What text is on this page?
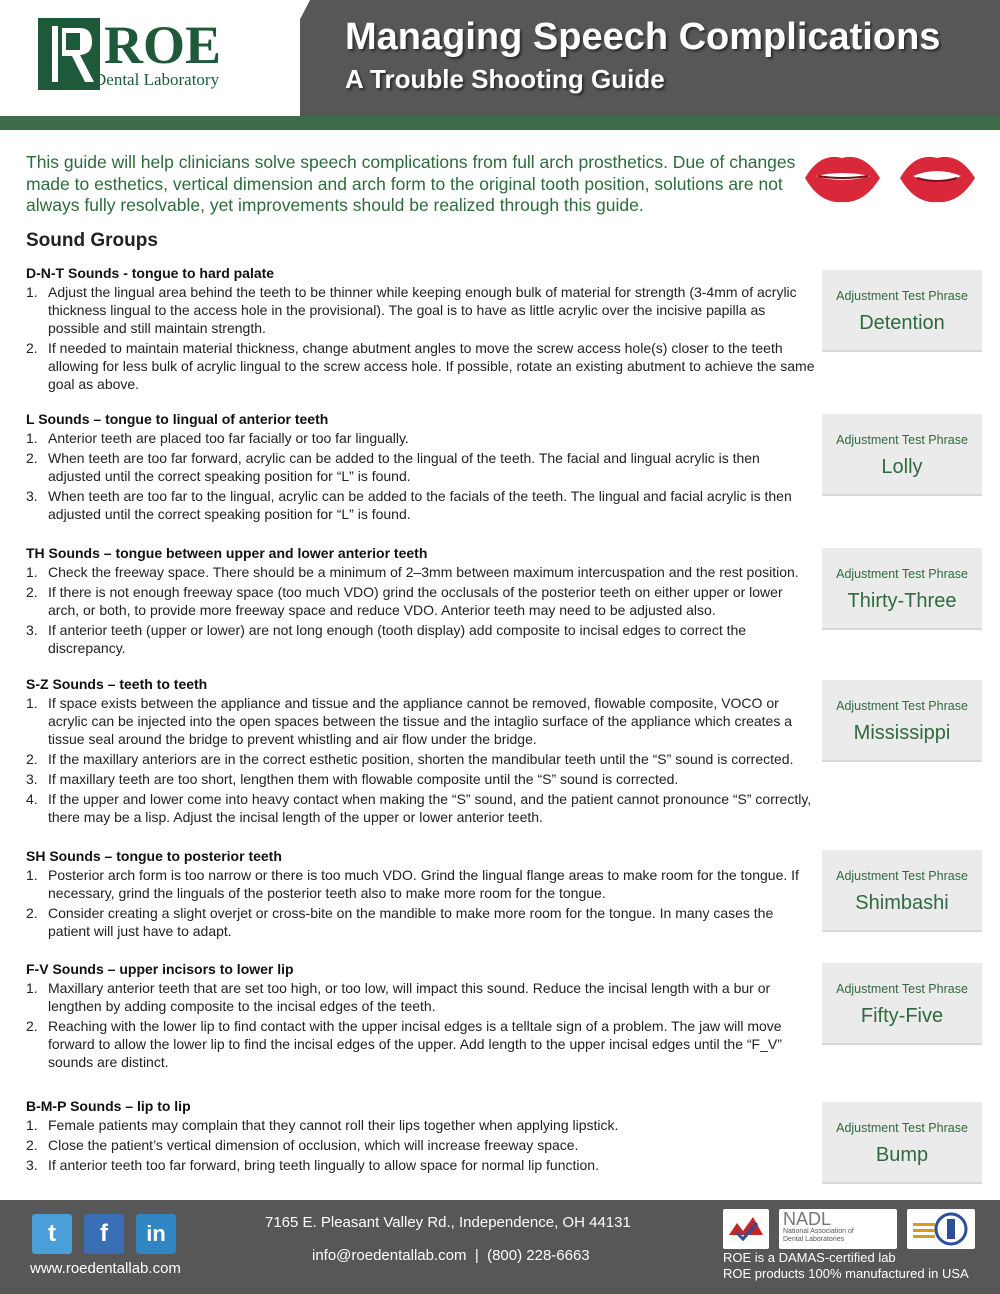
ROE
Dental Laboratory
Managing Speech Complications
A Trouble Shooting Guide
This guide will help clinicians solve speech complications from full arch prosthetics. Due of changes made to esthetics, vertical dimension and arch form to the original tooth position, solutions are not always fully resolvable, yet improvements should be realized through this guide.
Sound Groups
D-N-T Sounds - tongue to hard palate
1. Adjust the lingual area behind the teeth to be thinner while keeping enough bulk of material for strength (3-4mm of acrylic thickness lingual to the access hole in the provisional). The goal is to have as little acrylic over the incisive papilla as possible and still maintain strength.
2. If needed to maintain material thickness, change abutment angles to move the screw access hole(s) closer to the teeth allowing for less bulk of acrylic lingual to the screw access hole. If possible, rotate an existing abutment to achieve the same goal as above.
Adjustment Test Phrase
Detention
L Sounds – tongue to lingual of anterior teeth
1. Anterior teeth are placed too far facially or too far lingually.
2. When teeth are too far forward, acrylic can be added to the lingual of the teeth. The facial and lingual acrylic is then adjusted until the correct speaking position for “L” is found.
3. When teeth are too far to the lingual, acrylic can be added to the facials of the teeth. The lingual and facial acrylic is then adjusted until the correct speaking position for “L” is found.
Adjustment Test Phrase
Lolly
TH Sounds – tongue between upper and lower anterior teeth
1. Check the freeway space. There should be a minimum of 2–3mm between maximum intercuspation and the rest position.
2. If there is not enough freeway space (too much VDO) grind the occlusals of the posterior teeth on either upper or lower arch, or both, to provide more freeway space and reduce VDO. Anterior teeth may need to be adjusted also.
3. If anterior teeth (upper or lower) are not long enough (tooth display) add composite to incisal edges to correct the discrepancy.
Adjustment Test Phrase
Thirty-Three
S-Z Sounds – teeth to teeth
1. If space exists between the appliance and tissue and the appliance cannot be removed, flowable composite, VOCO or acrylic can be injected into the open spaces between the tissue and the intaglio surface of the appliance which creates a tissue seal around the bridge to prevent whistling and air flow under the bridge.
2. If the maxillary anteriors are in the correct esthetic position, shorten the mandibular teeth until the “S” sound is corrected.
3. If maxillary teeth are too short, lengthen them with flowable composite until the “S” sound is corrected.
4. If the upper and lower come into heavy contact when making the “S” sound, and the patient cannot pronounce “S” correctly, there may be a lisp. Adjust the incisal length of the upper or lower anterior teeth.
Adjustment Test Phrase
Mississippi
SH Sounds – tongue to posterior teeth
1. Posterior arch form is too narrow or there is too much VDO. Grind the lingual flange areas to make room for the tongue. If necessary, grind the linguals of the posterior teeth also to make more room for the tongue.
2. Consider creating a slight overjet or cross-bite on the mandible to make more room for the tongue. In many cases the patient will just have to adapt.
Adjustment Test Phrase
Shimbashi
F-V Sounds – upper incisors to lower lip
1. Maxillary anterior teeth that are set too high, or too low, will impact this sound. Reduce the incisal length with a bur or lengthen by adding composite to the incisal edges of the teeth.
2. Reaching with the lower lip to find contact with the upper incisal edges is a telltale sign of a problem. The jaw will move forward to allow the lower lip to find the incisal edges of the upper. Add length to the upper incisal edges until the “F_V” sounds are distinct.
Adjustment Test Phrase
Fifty-Five
B-M-P Sounds – lip to lip
1. Female patients may complain that they cannot roll their lips together when applying lipstick.
2. Close the patient’s vertical dimension of occlusion, which will increase freeway space.
3. If anterior teeth too far forward, bring teeth lingually to allow space for normal lip function.
Adjustment Test Phrase
Bump
t	f	in
www.roedentallab.com
7165 E. Pleasant Valley Rd., Independence, OH 44131
info@roedentallab.com | (800) 228-6663
NADL
National Association of Dental Laboratories
ROE is a DAMAS-certified lab
ROE products 100% manufactured in USA
